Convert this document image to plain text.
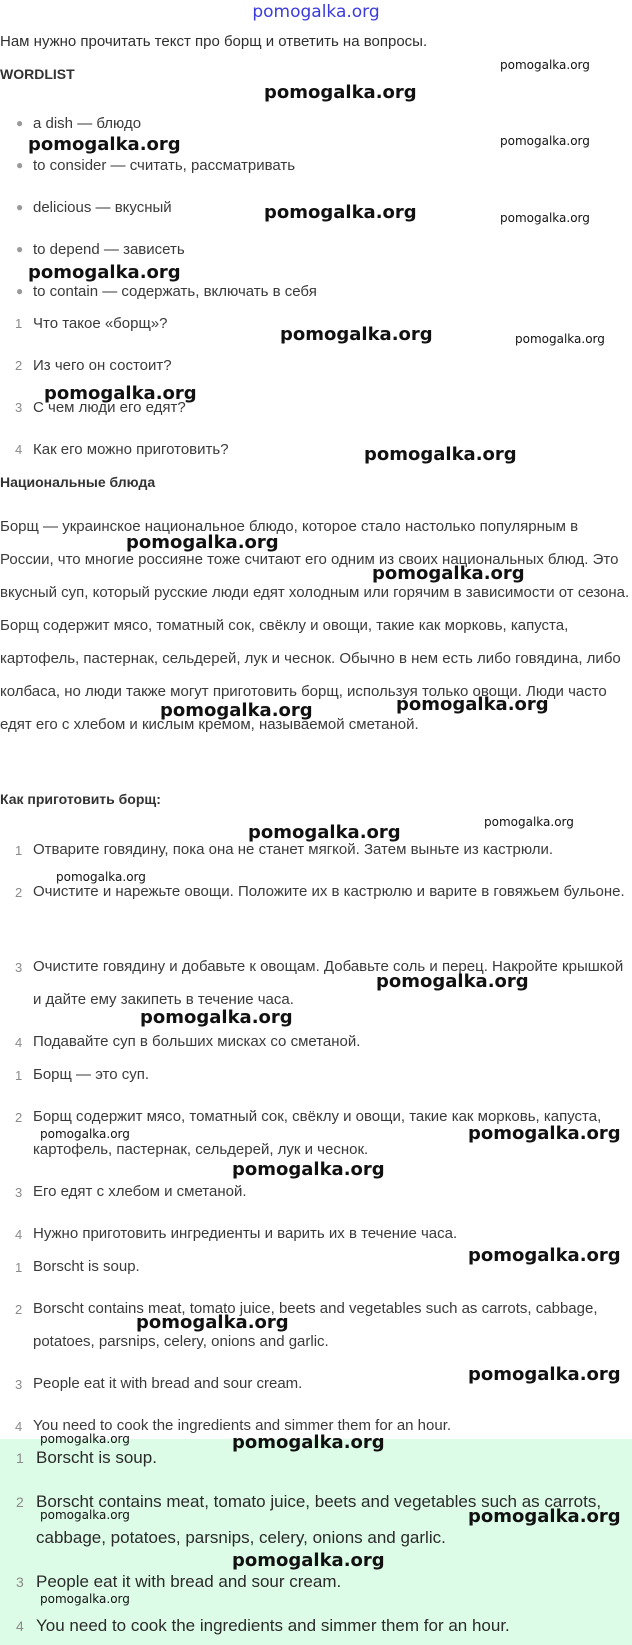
pomogalka.org
Нам нужно прочитать текст про борщ и ответить на вопросы.
WORDLIST
● a dish — блюдо
● to consider — считать, рассматривать
● delicious — вкусный
● to depend — зависеть
● to contain — содержать, включать в себя
1 Что такое «борщ»?
2 Из чего он состоит?
3 С чем люди его едят?
4 Как его можно приготовить?
Национальные блюда

Борщ — украинское национальное блюдо, которое стало настолько популярным в России, что многие россияне тоже считают его одним из своих национальных блюд. Это вкусный суп, который русские люди едят холодным или горячим в зависимости от сезона. Борщ содержит мясо, томатный сок, свёклу и овощи, такие как морковь, капуста, картофель, пастернак, сельдерей, лук и чеснок. Обычно в нем есть либо говядина, либо колбаса, но люди также могут приготовить борщ, используя только овощи. Люди часто едят его с хлебом и кислым кремом, называемой сметаной.

Как приготовить борщ:
1 Отварите говядину, пока она не станет мягкой. Затем выньте из кастрюли.
2 Очистите и нарежьте овощи. Положите их в кастрюлю и варите в говяжьем бульоне.
3 Очистите говядину и добавьте к овощам. Добавьте соль и перец. Накройте крышкой и дайте ему закипеть в течение часа.
4 Подавайте суп в больших мисках со сметаной.
1 Борщ — это суп.
2 Борщ содержит мясо, томатный сок, свёклу и овощи, такие как морковь, капуста, картофель, пастернак, сельдерей, лук и чеснок.
3 Его едят с хлебом и сметаной.
4 Нужно приготовить ингредиенты и варить их в течение часа.
1 Borscht is soup.
2 Borscht contains meat, tomato juice, beets and vegetables such as carrots, cabbage, potatoes, parsnips, celery, onions and garlic.
3 People eat it with bread and sour cream.
4 You need to cook the ingredients and simmer them for an hour.
1 Borscht is soup.
2 Borscht contains meat, tomato juice, beets and vegetables such as carrots, cabbage, potatoes, parsnips, celery, onions and garlic.
3 People eat it with bread and sour cream.
4 You need to cook the ingredients and simmer them for an hour.
pomogalka.org
pomogalka.org
pomogalka.org	pomogalka.org
pomogalka.org	pomogalka.org
pomogalka.org
pomogalka.org	pomogalka.org
pomogalka.org
pomogalka.org
pomogalka.org
pomogalka.org
pomogalka.org	pomogalka.org
pomogalka.org
pomogalka.org
pomogalka.org
pomogalka.org
pomogalka.org
pomogalka.org	pomogalka.org
pomogalka.org
pomogalka.org
pomogalka.org
pomogalka.org
pomogalka.org	pomogalka.org
pomogalka.org	pomogalka.org
pomogalka.org
pomogalka.org
